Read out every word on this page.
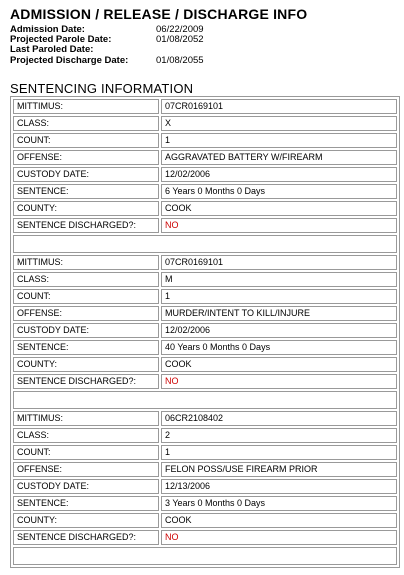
ADMISSION / RELEASE / DISCHARGE INFO
Admission Date:	06/22/2009
Projected Parole Date:	01/08/2052
Last Paroled Date:
Projected Discharge Date:	01/08/2055
SENTENCING INFORMATION
MITTIMUS:	07CR0169101
CLASS:	X
COUNT:	1
OFFENSE:	AGGRAVATED BATTERY W/FIREARM
CUSTODY DATE:	12/02/2006
SENTENCE:	6 Years 0 Months 0 Days
COUNTY:	COOK
SENTENCE DISCHARGED?:	NO

MITTIMUS:	07CR0169101
CLASS:	M
COUNT:	1
OFFENSE:	MURDER/INTENT TO KILL/INJURE
CUSTODY DATE:	12/02/2006
SENTENCE:	40 Years 0 Months 0 Days
COUNTY:	COOK
SENTENCE DISCHARGED?:	NO

MITTIMUS:	06CR2108402
CLASS:	2
COUNT:	1
OFFENSE:	FELON POSS/USE FIREARM PRIOR
CUSTODY DATE:	12/13/2006
SENTENCE:	3 Years 0 Months 0 Days
COUNTY:	COOK
SENTENCE DISCHARGED?:	NO
